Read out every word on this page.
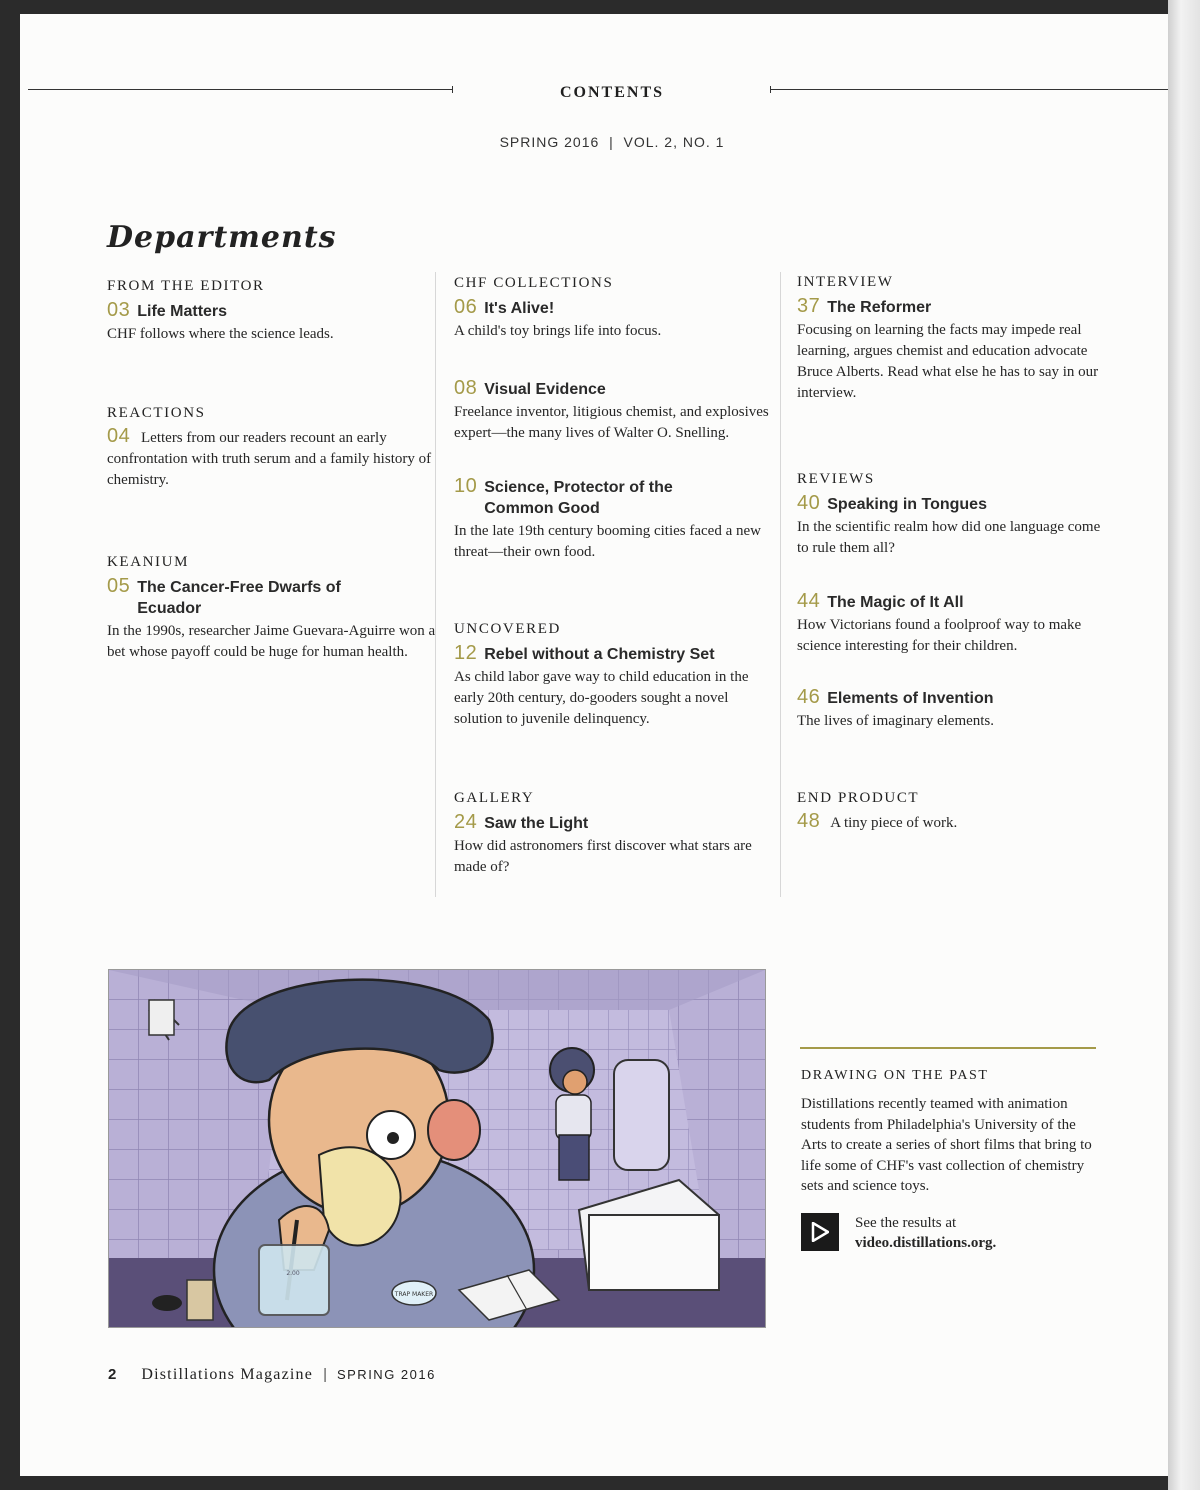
CONTENTS
SPRING 2016  |  VOL. 2, NO. 1
Departments
FROM THE EDITOR
03 Life Matters
CHF follows where the science leads.
REACTIONS
04 Letters from our readers recount an early confrontation with truth serum and a family history of chemistry.
KEANIUM
05 The Cancer-Free Dwarfs of Ecuador
In the 1990s, researcher Jaime Guevara-Aguirre won a bet whose payoff could be huge for human health.
CHF COLLECTIONS
06 It's Alive!
A child's toy brings life into focus.
08 Visual Evidence
Freelance inventor, litigious chemist, and explosives expert—the many lives of Walter O. Snelling.
10 Science, Protector of the Common Good
In the late 19th century booming cities faced a new threat—their own food.
UNCOVERED
12 Rebel without a Chemistry Set
As child labor gave way to child education in the early 20th century, do-gooders sought a novel solution to juvenile delinquency.
GALLERY
24 Saw the Light
How did astronomers first discover what stars are made of?
INTERVIEW
37 The Reformer
Focusing on learning the facts may impede real learning, argues chemist and education advocate Bruce Alberts. Read what else he has to say in our interview.
REVIEWS
40 Speaking in Tongues
In the scientific realm how did one language come to rule them all?
44 The Magic of It All
How Victorians found a foolproof way to make science interesting for their children.
46 Elements of Invention
The lives of imaginary elements.
END PRODUCT
48 A tiny piece of work.
TRAP MAKER
2.00
DRAWING ON THE PAST
Distillations recently teamed with animation students from Philadelphia's University of the Arts to create a series of short films that bring to life some of CHF's vast collection of chemistry sets and science toys.
See the results at
video.distillations.org.
2 Distillations Magazine | SPRING 2016
